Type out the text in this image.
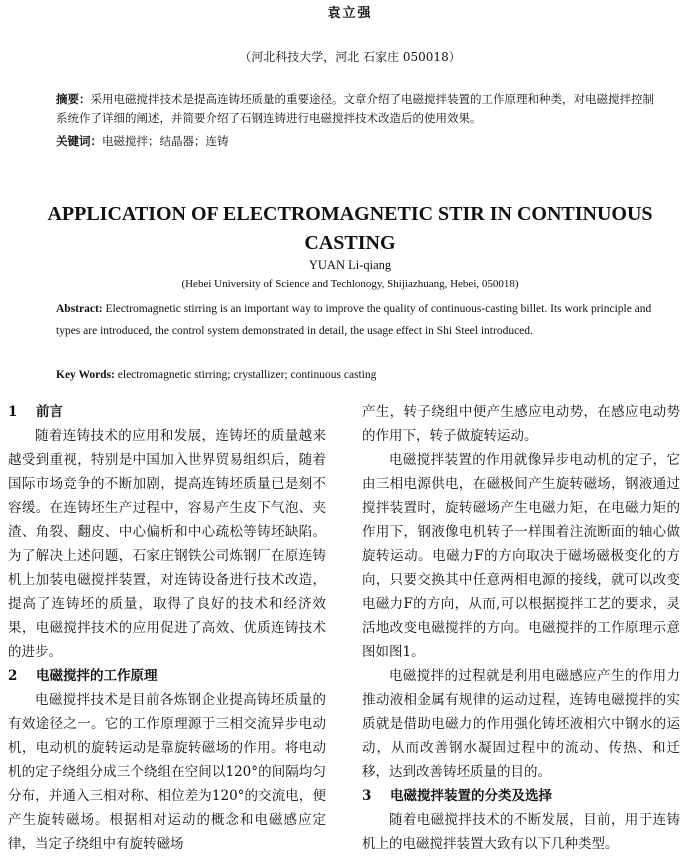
袁立强
（河北科技大学，河北 石家庄 050018）
摘要：采用电磁搅拌技术是提高连铸坯质量的重要途径。文章介绍了电磁搅拌装置的工作原理和种类，对电磁搅拌控制系统作了详细的阐述，并简要介绍了石钢连铸进行电磁搅拌技术改造后的使用效果。
关键词：电磁搅拌；结晶器；连铸
APPLICATION OF ELECTROMAGNETIC STIR IN CONTINUOUS CASTING
YUAN Li-qiang
(Hebei University of Science and Techlonogy, Shijiazhuang, Hebei, 050018)
Abstract: Electromagnetic stirring is an important way to improve the quality of continuous-casting billet. Its work principle and types are introduced, the control system demonstrated in detail, the usage effect in Shi Steel introduced.
Key Words: electromagnetic stirring; crystallizer; continuous casting
1 前言

随着连铸技术的应用和发展，连铸坯的质量越来越受到重视，特别是中国加入世界贸易组织后，随着国际市场竞争的不断加剧，提高连铸坯质量已是刻不容缓。在连铸坯生产过程中，容易产生皮下气泡、夹渣、角裂、翻皮、中心偏析和中心疏松等铸坯缺陷。为了解决上述问题，石家庄钢铁公司炼钢厂在原连铸机上加装电磁搅拌装置，对连铸设备进行技术改造，提高了连铸坯的质量，取得了良好的技术和经济效果，电磁搅拌技术的应用促进了高效、优质连铸技术的进步。

2 电磁搅拌的工作原理

电磁搅拌技术是目前各炼钢企业提高铸坯质量的有效途径之一。它的工作原理源于三相交流异步电动机，电动机的旋转运动是靠旋转磁场的作用。将电动机的定子绕组分成三个绕组在空间以120°的间隔均匀分布，并通入三相对称、相位差为120°的交流电，便产生旋转磁场。根据相对运动的概念和电磁感应定律，当定子绕组中有旋转磁场

产生，转子绕组中便产生感应电动势，在感应电动势的作用下，转子做旋转运动。

电磁搅拌装置的作用就像异步电动机的定子，它由三相电源供电，在磁极间产生旋转磁场，钢液通过搅拌装置时，旋转磁场产生电磁力矩，在电磁力矩的作用下，钢液像电机转子一样围着注流断面的轴心做旋转运动。电磁力F的方向取决于磁场磁极变化的方向，只要交换其中任意两相电源的接线，就可以改变电磁力F的方向，从而,可以根据搅拌工艺的要求，灵活地改变电磁搅拌的方向。电磁搅拌的工作原理示意图如图1。

电磁搅拌的过程就是利用电磁感应产生的作用力推动液相金属有规律的运动过程，连铸电磁搅拌的实质就是借助电磁力的作用强化铸坯液相穴中钢水的运动，从而改善钢水凝固过程中的流动、传热、和迁移，达到改善铸坯质量的目的。

3 电磁搅拌装置的分类及选择

随着电磁搅拌技术的不断发展，目前，用于连铸机上的电磁搅拌装置大致有以下几种类型。
